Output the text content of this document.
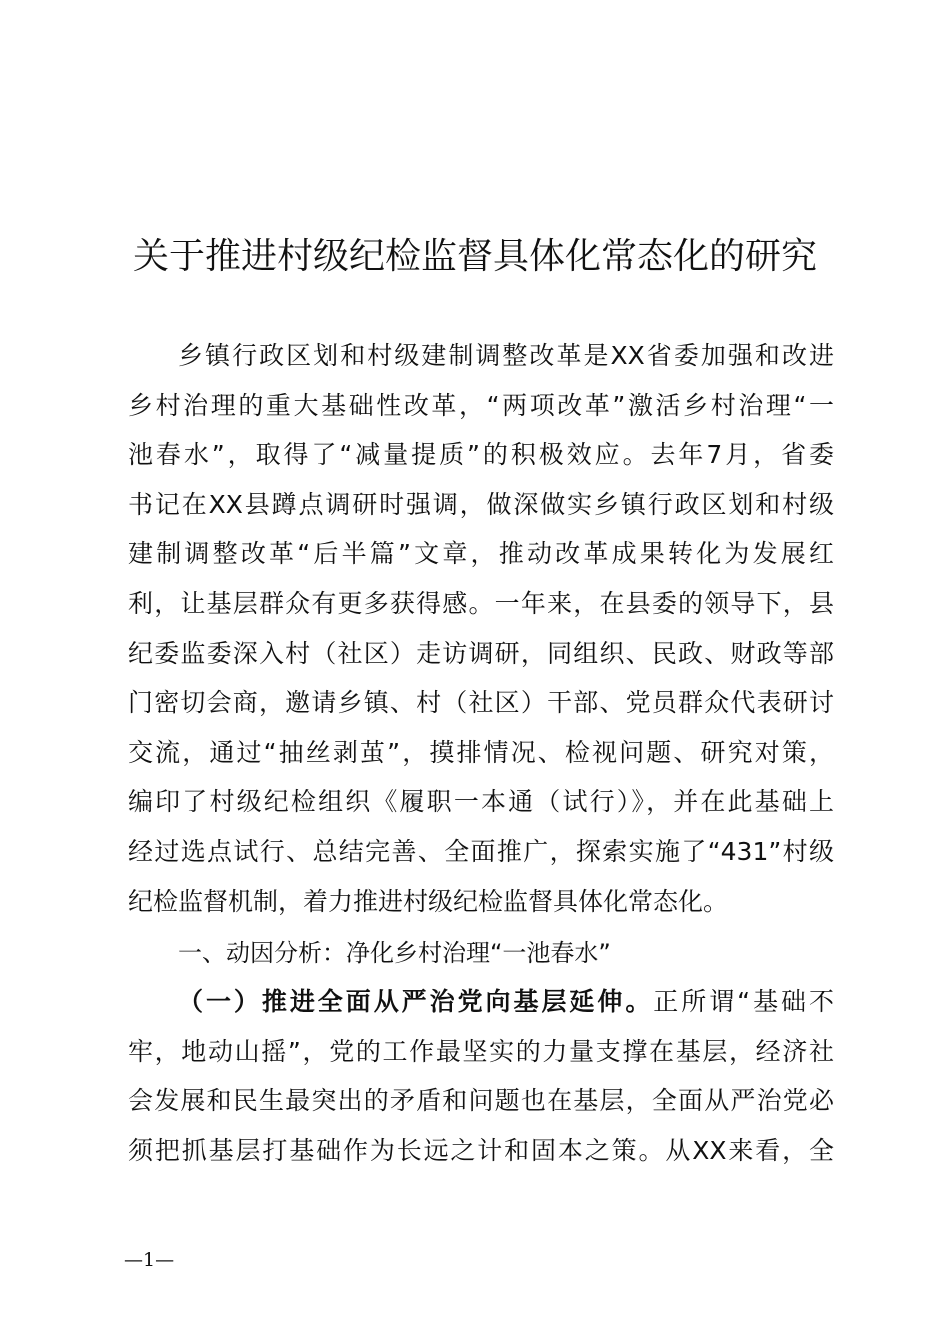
关于推进村级纪检监督具体化常态化的研究
乡镇行政区划和村级建制调整改革是XX省委加强和改进
乡村治理的重大基础性改革，“两项改革”激活乡村治理“一
池春水”，取得了“减量提质”的积极效应。去年7月，省委
书记在XX县蹲点调研时强调，做深做实乡镇行政区划和村级
建制调整改革“后半篇”文章，推动改革成果转化为发展红
利，让基层群众有更多获得感。一年来，在县委的领导下，县
纪委监委深入村（社区）走访调研，同组织、民政、财政等部
门密切会商，邀请乡镇、村（社区）干部、党员群众代表研讨
交流，通过“抽丝剥茧”，摸排情况、检视问题、研究对策，
编印了村级纪检组织《履职一本通（试行）》，并在此基础上
经过选点试行、总结完善、全面推广，探索实施了“431”村级
纪检监督机制，着力推进村级纪检监督具体化常态化。
一、动因分析：净化乡村治理“一池春水”
（一）推进全面从严治党向基层延伸。正所谓“基础不
牢，地动山摇”，党的工作最坚实的力量支撑在基层，经济社
会发展和民生最突出的矛盾和问题也在基层，全面从严治党必
须把抓基层打基础作为长远之计和固本之策。从XX来看，全
—1—
